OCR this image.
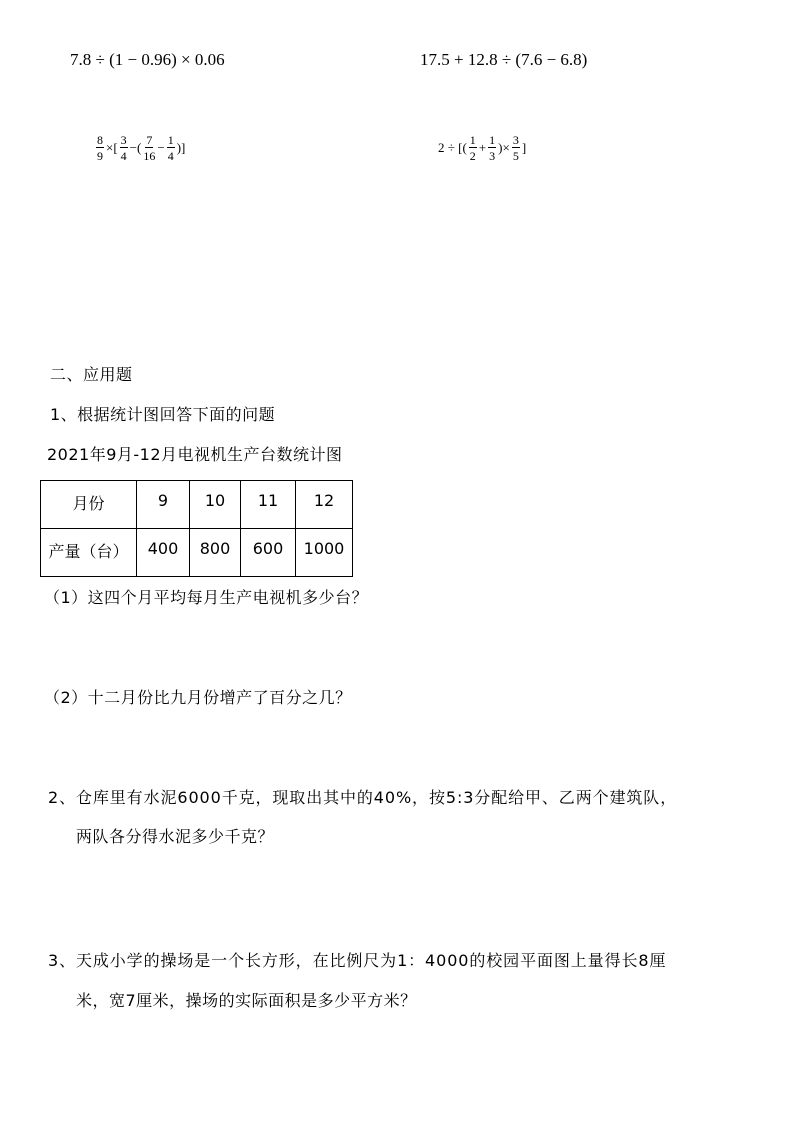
7.8 ÷ (1 − 0.96) × 0.06	17.5 + 12.8 ÷ (7.6 − 6.8)
$\frac{8}{9}$ ×[ $\frac{3}{4}$ −( $\frac{7}{16} - \frac{1}{4}$ )]	2 ÷ [( $\frac{1}{2} + \frac{1}{3}$ )× $\frac{3}{5}$ ]
二、应用题
1、根据统计图回答下面的问题
2021年9月-12月电视机生产台数统计图
月份	9	10	11	12
产量（台）	400	800	600	1000
（1）这四个月平均每月生产电视机多少台？
（2）十二月份比九月份增产了百分之几？
2、仓库里有水泥6000千克，现取出其中的40%，按5:3分配给甲、乙两个建筑队，
两队各分得水泥多少千克？
3、天成小学的操场是一个长方形，在比例尺为1：4000的校园平面图上量得长8厘
米，宽7厘米，操场的实际面积是多少平方米？
